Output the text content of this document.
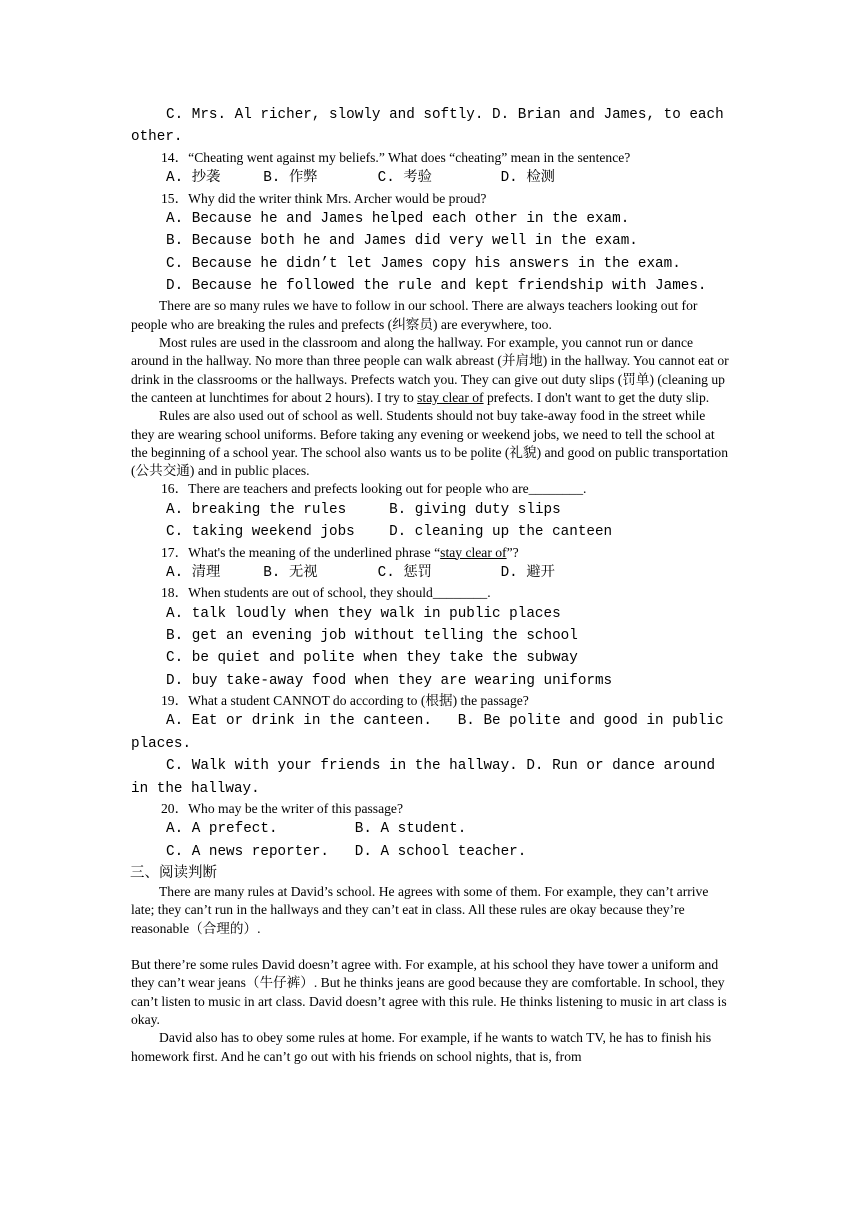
C. Mrs. Al richer, slowly and softly. D. Brian and James, to each other.

14．“Cheating went against my beliefs.” What does “cheating” mean in the sentence?

A. 抄袭     B. 作弊       C. 考验        D. 检测

15．Why did the writer think Mrs. Archer would be proud?

A. Because he and James helped each other in the exam.

B. Because both he and James did very well in the exam.

C. Because he didn’t let James copy his answers in the exam.

D. Because he followed the rule and kept friendship with James.

There are so many rules we have to follow in our school. There are always teachers looking out for people who are breaking the rules and prefects (纠察员) are everywhere, too.

Most rules are used in the classroom and along the hallway. For example, you cannot run or dance around in the hallway. No more than three people can walk abreast (并肩地) in the hallway. You cannot eat or drink in the classrooms or the hallways. Prefects watch you. They can give out duty slips (罚单) (cleaning up the canteen at lunchtimes for about 2 hours). I try to stay clear of prefects. I don't want to get the duty slip.

Rules are also used out of school as well. Students should not buy take-away food in the street while they are wearing school uniforms. Before taking any evening or weekend jobs, we need to tell the school at the beginning of a school year. The school also wants us to be polite (礼貌) and good on public transportation (公共交通) and in public places.

16．There are teachers and prefects looking out for people who are________.

A. breaking the rules     B. giving duty slips

C. taking weekend jobs    D. cleaning up the canteen

17．What's the meaning of the underlined phrase “stay clear of”?

A. 清理     B. 无视       C. 惩罚        D. 避开

18．When students are out of school, they should________.

A. talk loudly when they walk in public places

B. get an evening job without telling the school

C. be quiet and polite when they take the subway

D. buy take-away food when they are wearing uniforms

19．What a student CANNOT do according to (根据) the passage?

A. Eat or drink in the canteen.   B. Be polite and good in public places.

C. Walk with your friends in the hallway. D. Run or dance around in the hallway.

20．Who may be the writer of this passage?

A. A prefect.         B. A student.

C. A news reporter.   D. A school teacher.

三、阅读判断

There are many rules at David’s school. He agrees with some of them. For example, they can’t arrive late; they can’t run in the hallways and they can’t eat in class. All these rules are okay because they’re reasonable（合理的）.

But there’re some rules David doesn’t agree with. For example, at his school they have tower a uniform and they can’t wear jeans（牛仔裤）. But he thinks jeans are good because they are comfortable. In school, they can’t listen to music in art class. David doesn’t agree with this rule. He thinks listening to music in art class is okay.

David also has to obey some rules at home. For example, if he wants to watch TV, he has to finish his homework first. And he can’t go out with his friends on school nights, that is, from
